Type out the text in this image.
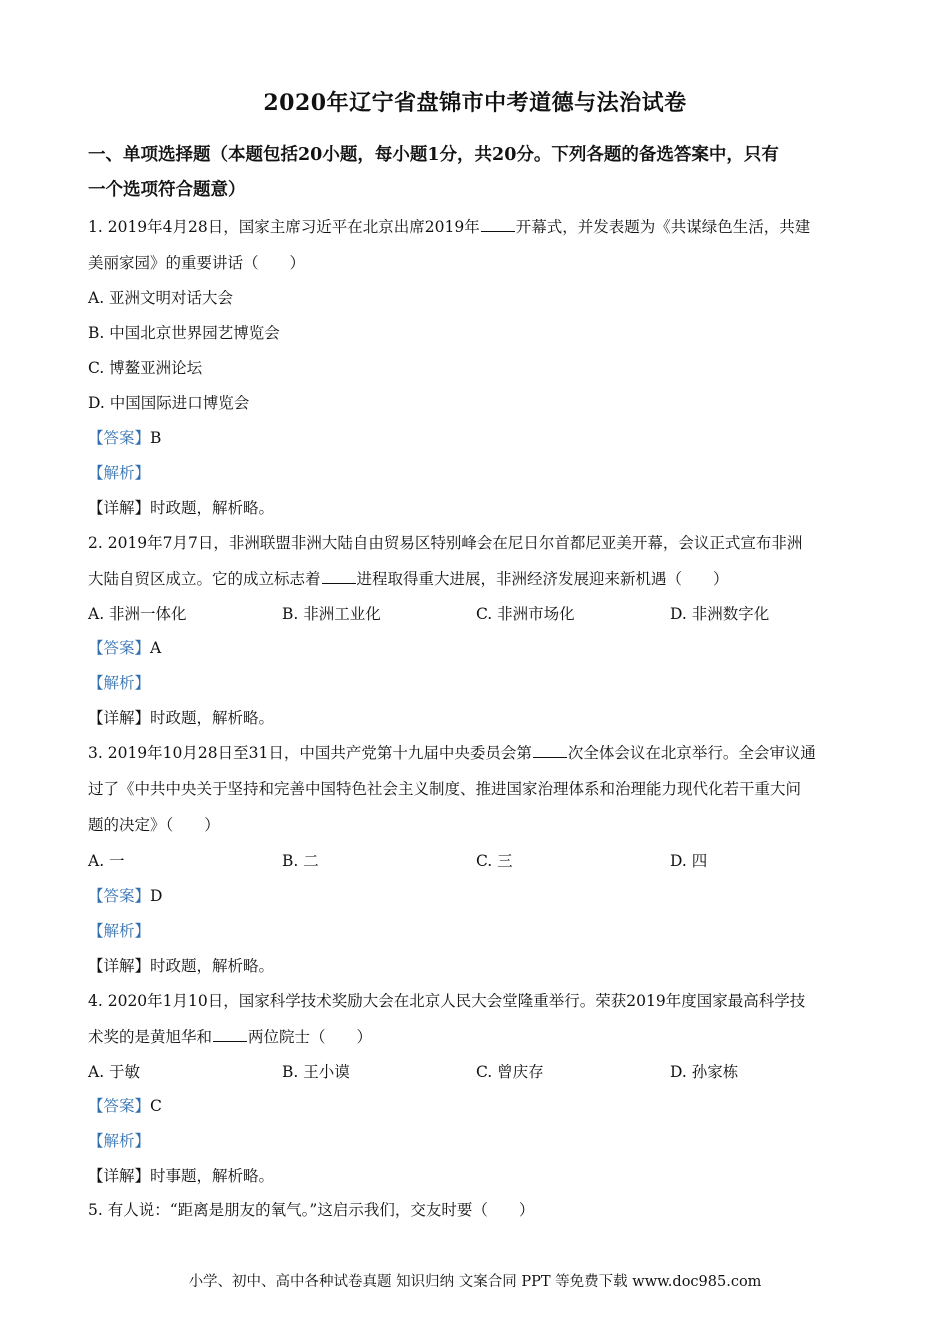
2020年辽宁省盘锦市中考道德与法治试卷
一、单项选择题（本题包括20小题，每小题1分，共20分。下列各题的备选答案中，只有
一个选项符合题意）
1. 2019年4月28日，国家主席习近平在北京出席2019年 开幕式，并发表题为《共谋绿色生活，共建
美丽家园》的重要讲话（　　）
A. 亚洲文明对话大会
B. 中国北京世界园艺博览会
C. 博鳌亚洲论坛
D. 中国国际进口博览会
【答案】B
【解析】
【详解】时政题，解析略。
2. 2019年7月7日，非洲联盟非洲大陆自由贸易区特别峰会在尼日尔首都尼亚美开幕，会议正式宣布非洲
大陆自贸区成立。它的成立标志着 进程取得重大进展，非洲经济发展迎来新机遇（　　）
A. 非洲一体化	B. 非洲工业化	C. 非洲市场化	D. 非洲数字化
【答案】A
【解析】
【详解】时政题，解析略。
3. 2019年10月28日至31日，中国共产党第十九届中央委员会第 次全体会议在北京举行。全会审议通
过了《中共中央关于坚持和完善中国特色社会主义制度、推进国家治理体系和治理能力现代化若干重大问
题的决定》（　　）
A. 一	B. 二	C. 三	D. 四
【答案】D
【解析】
【详解】时政题，解析略。
4. 2020年1月10日，国家科学技术奖励大会在北京人民大会堂隆重举行。荣获2019年度国家最高科学技
术奖的是黄旭华和 两位院士（　　）
A. 于敏	B. 王小谟	C. 曾庆存	D. 孙家栋
【答案】C
【解析】
【详解】时事题，解析略。
5. 有人说：“距离是朋友的氧气。”这启示我们，交友时要（　　）
小学、初中、高中各种试卷真题 知识归纳 文案合同 PPT 等免费下载 www.doc985.com
